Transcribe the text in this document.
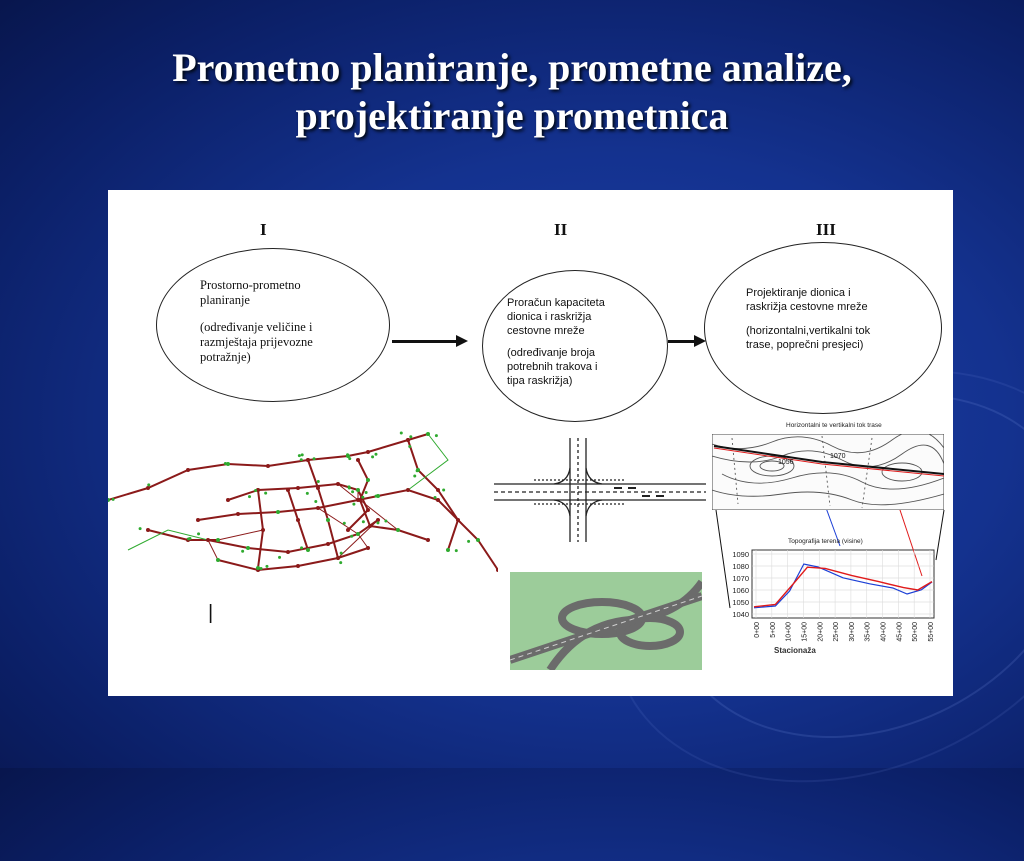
Prometno planiranje, prometne analize,
projektiranje prometnica
I	II	III

Prostorno-prometno

planiranje

(određivanje veličine i

razmještaja prijevozne

potražnje)

Proračun kapaciteta

dionica i raskrižja

cestovne mreže

(određivanje broja

potrebnih trakova i

tipa raskrižja)

Projektiranje dionica i

raskrižja cestovne mreže

(horizontalni,vertikalni tok

trase, poprečni presjeci)

|
1056
1070
Horizontalni te vertikalni tok trase
1090
1080
1070
1060
1050
1040
0+00 5+00 10+00 15+00 20+00 25+00 30+00 35+00 40+00 45+00 50+00 55+00
Topografija terena (visine)
Stacionaža
